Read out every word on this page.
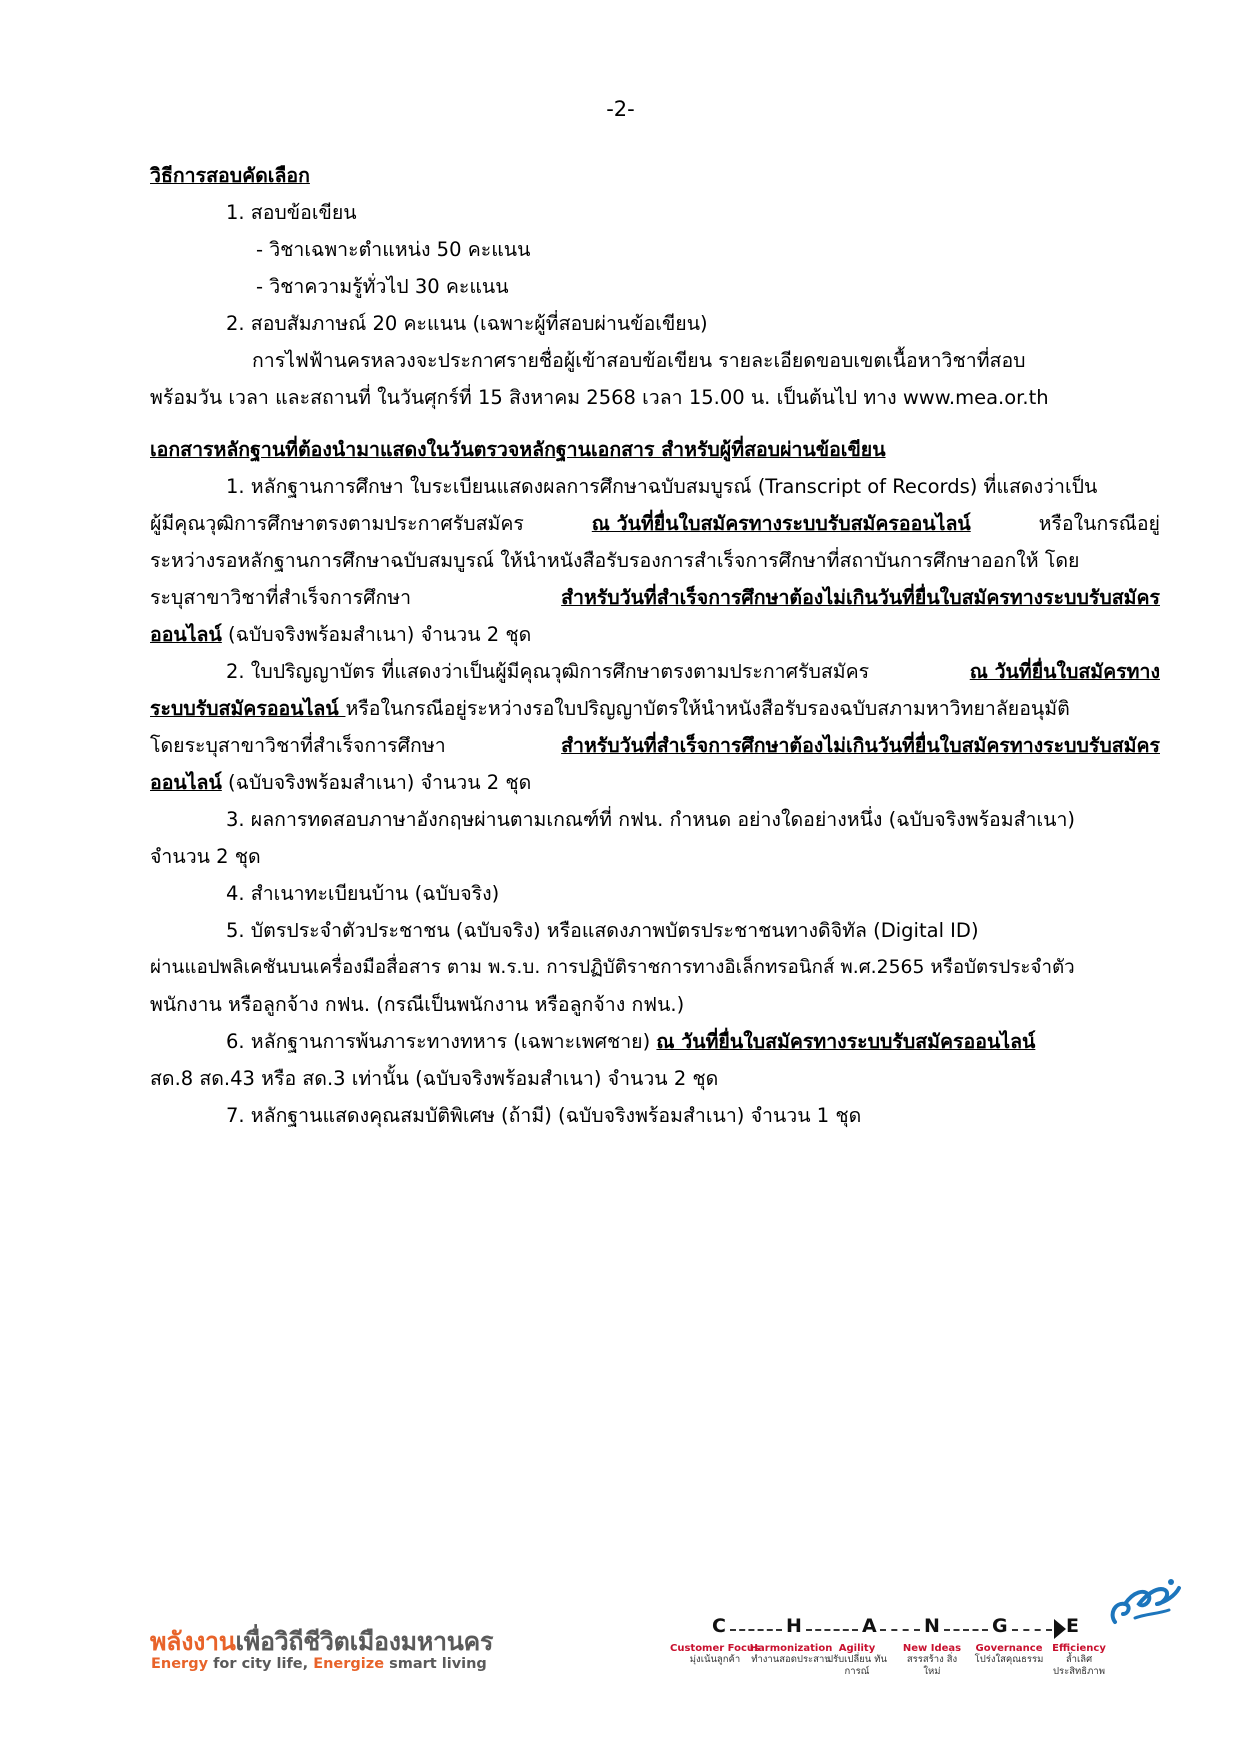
-2-
วิธีการสอบคัดเลือก
1. สอบข้อเขียน
- วิชาเฉพาะตำแหน่ง 50 คะแนน
- วิชาความรู้ทั่วไป 30 คะแนน
2. สอบสัมภาษณ์ 20 คะแนน (เฉพาะผู้ที่สอบผ่านข้อเขียน)
การไฟฟ้านครหลวงจะประกาศรายชื่อผู้เข้าสอบข้อเขียน รายละเอียดขอบเขตเนื้อหาวิชาที่สอบ
พร้อมวัน เวลา และสถานที่ ในวันศุกร์ที่ 15 สิงหาคม 2568 เวลา 15.00 น. เป็นต้นไป ทาง www.mea.or.th
เอกสารหลักฐานที่ต้องนำมาแสดงในวันตรวจหลักฐานเอกสาร สำหรับผู้ที่สอบผ่านข้อเขียน
1. หลักฐานการศึกษา ใบระเบียนแสดงผลการศึกษาฉบับสมบูรณ์ (Transcript of Records) ที่แสดงว่าเป็น
ผู้มีคุณวุฒิการศึกษาตรงตามประกาศรับสมัคร	ณ วันที่ยื่นใบสมัครทางระบบรับสมัครออนไลน์	หรือในกรณีอยู่
ระหว่างรอหลักฐานการศึกษาฉบับสมบูรณ์ ให้นำหนังสือรับรองการสำเร็จการศึกษาที่สถาบันการศึกษาออกให้ โดย
ระบุสาขาวิชาที่สำเร็จการศึกษา	สำหรับวันที่สำเร็จการศึกษาต้องไม่เกินวันที่ยื่นใบสมัครทางระบบรับสมัคร
ออนไลน์ (ฉบับจริงพร้อมสำเนา) จำนวน 2 ชุด
2. ใบปริญญาบัตร ที่แสดงว่าเป็นผู้มีคุณวุฒิการศึกษาตรงตามประกาศรับสมัคร	ณ วันที่ยื่นใบสมัครทาง
ระบบรับสมัครออนไลน์ หรือในกรณีอยู่ระหว่างรอใบปริญญาบัตรให้นำหนังสือรับรองฉบับสภามหาวิทยาลัยอนุมัติ
โดยระบุสาขาวิชาที่สำเร็จการศึกษา	สำหรับวันที่สำเร็จการศึกษาต้องไม่เกินวันที่ยื่นใบสมัครทางระบบรับสมัคร
ออนไลน์ (ฉบับจริงพร้อมสำเนา) จำนวน 2 ชุด
3. ผลการทดสอบภาษาอังกฤษผ่านตามเกณฑ์ที่ กฟน. กำหนด อย่างใดอย่างหนึ่ง (ฉบับจริงพร้อมสำเนา)
จำนวน 2 ชุด
4. สำเนาทะเบียนบ้าน (ฉบับจริง)
5. บัตรประจำตัวประชาชน (ฉบับจริง) หรือแสดงภาพบัตรประชาชนทางดิจิทัล (Digital ID)
ผ่านแอปพลิเคชันบนเครื่องมือสื่อสาร ตาม พ.ร.บ. การปฏิบัติราชการทางอิเล็กทรอนิกส์ พ.ศ.2565 หรือบัตรประจำตัว
พนักงาน หรือลูกจ้าง กฟน. (กรณีเป็นพนักงาน หรือลูกจ้าง กฟน.)
6. หลักฐานการพ้นภาระทางทหาร (เฉพาะเพศชาย) ณ วันที่ยื่นใบสมัครทางระบบรับสมัครออนไลน์
สด.8 สด.43 หรือ สด.3 เท่านั้น (ฉบับจริงพร้อมสำเนา) จำนวน 2 ชุด
7. หลักฐานแสดงคุณสมบัติพิเศษ (ถ้ามี) (ฉบับจริงพร้อมสำเนา) จำนวน 1 ชุด
พลังงานเพื่อวิถีชีวิตเมืองมหานคร
Energy for city life, Energize smart living
C	H	A N	G	E
Customer Focus
มุ่งเน้นลูกค้า
Harmonization
ทำงานสอดประสาน
Agility
ปรับเปลี่ยน ทันการณ์
New Ideas
สรรสร้าง สิ่งใหม่
Governance
โปร่งใสคุณธรรม
Efficiency
ล้ำเลิศ ประสิทธิภาพ
